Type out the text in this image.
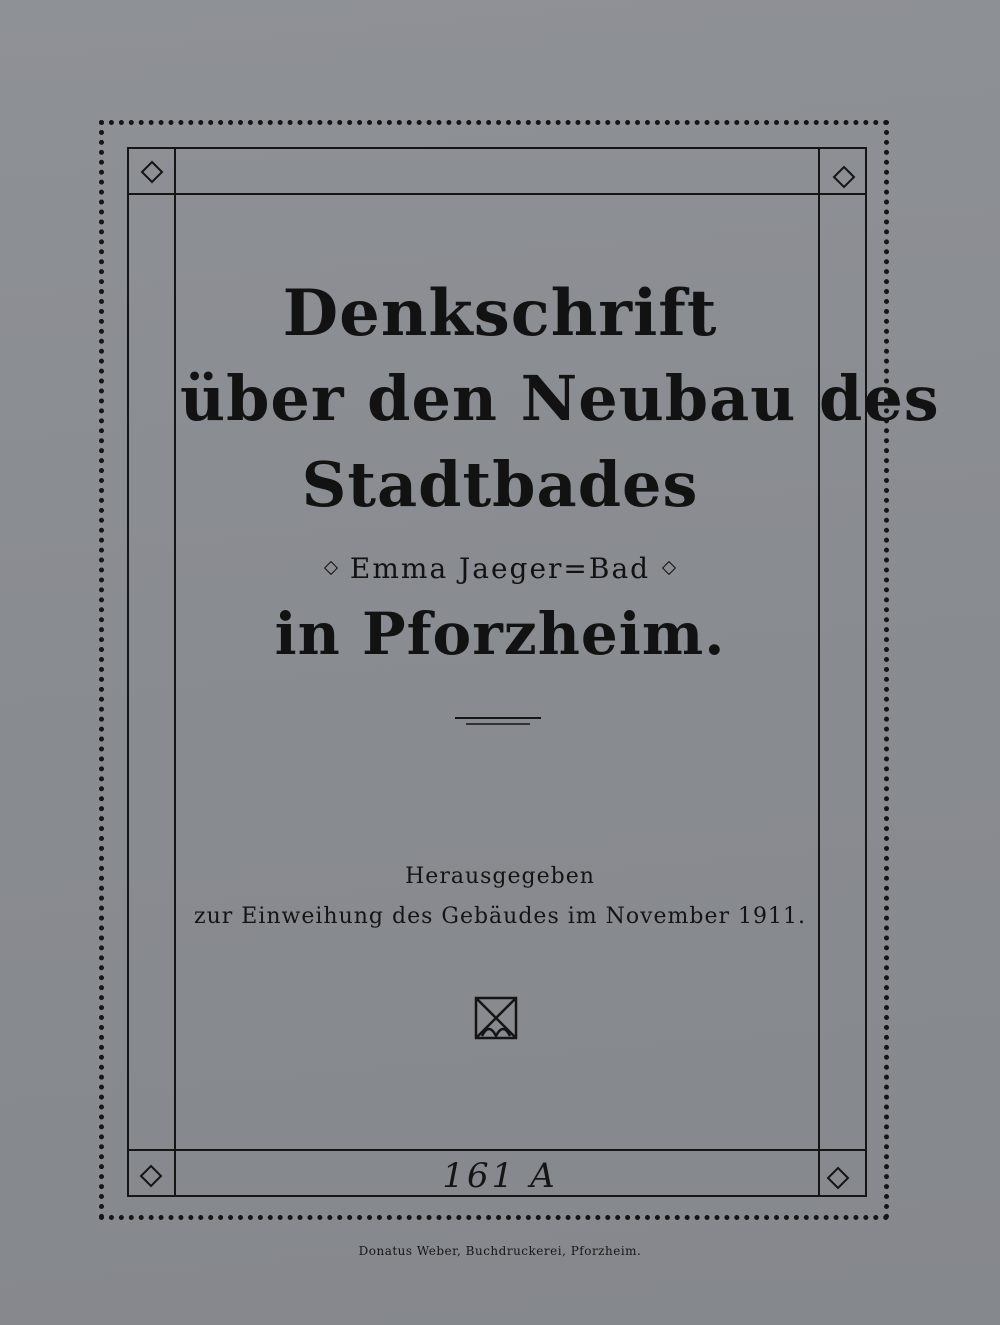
Denkschrift
über den Neubau des
Stadtbades
Emma Jaeger=Bad
in Pforzheim.
Herausgegeben
zur Einweihung des Gebäudes im November 1911.
161 A
Donatus Weber, Buchdruckerei, Pforzheim.
